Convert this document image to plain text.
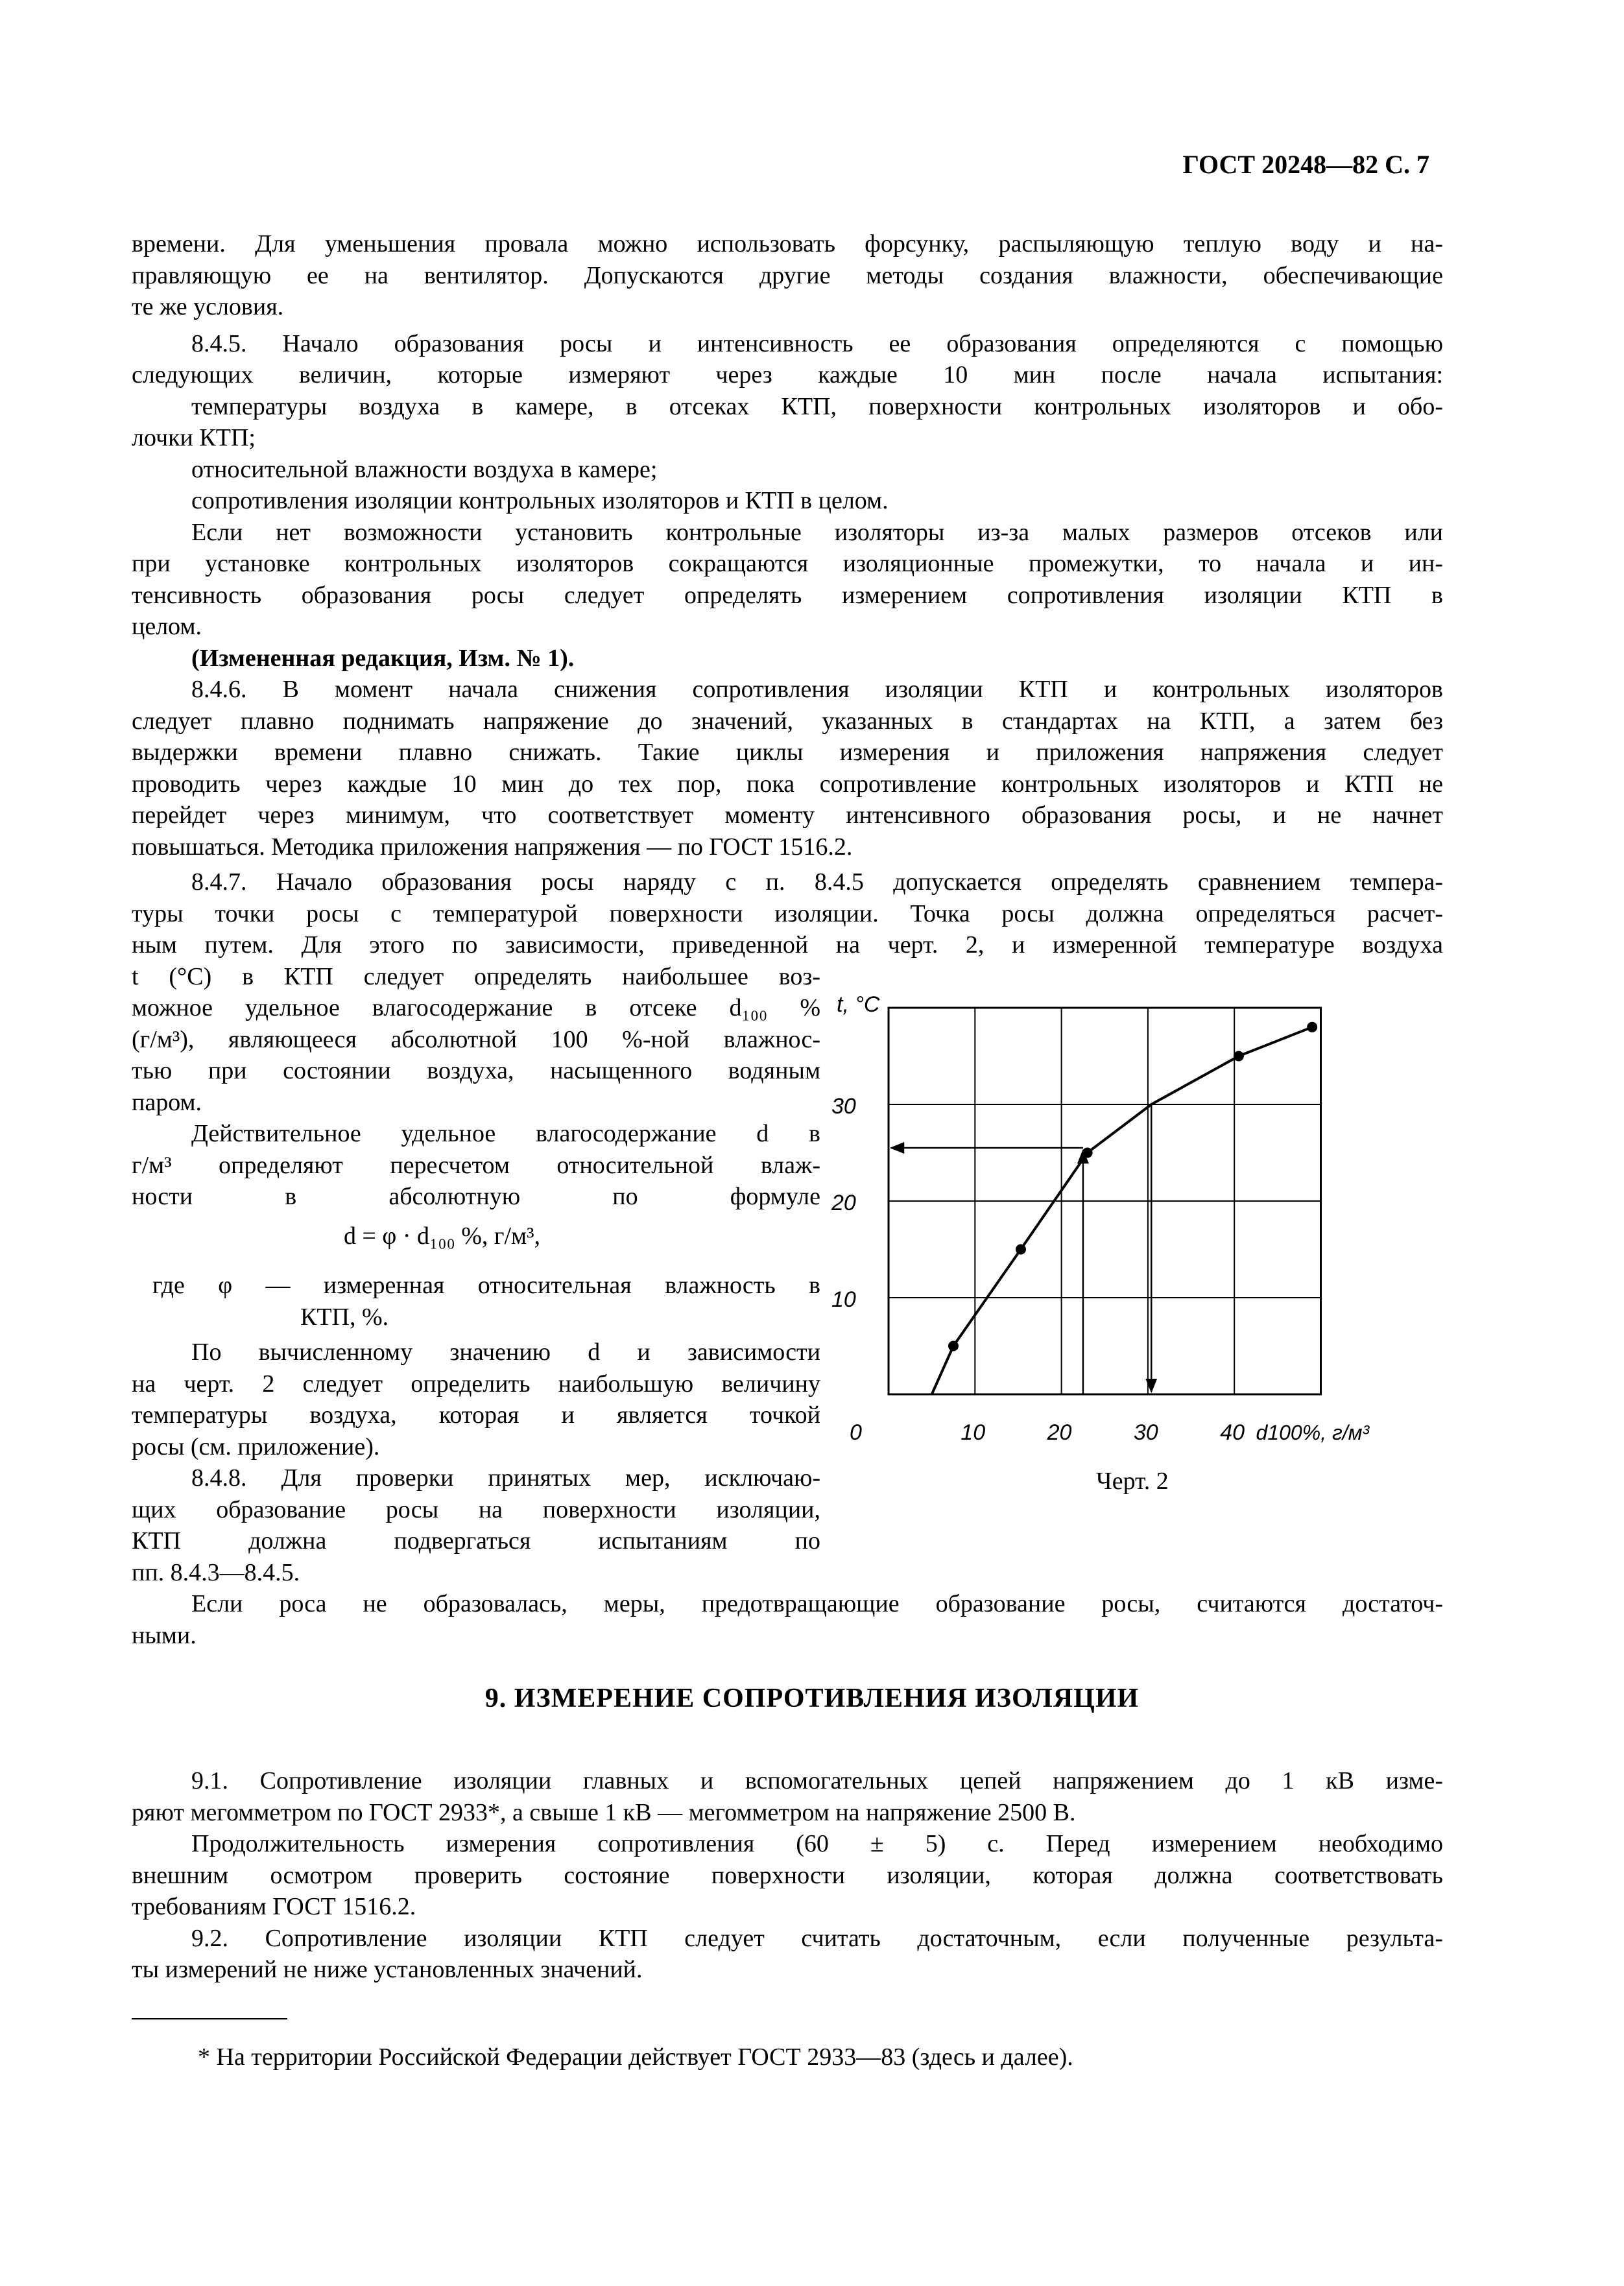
ГОСТ 20248—82 С. 7
времени. Для уменьшения провала можно использовать форсунку, распыляющую теплую воду и на-
правляющую ее на вентилятор. Допускаются другие методы создания влажности, обеспечивающие
те же условия.
8.4.5. Начало образования росы и интенсивность ее образования определяются с помощью
следующих величин, которые измеряют через каждые 10 мин после начала испытания:
температуры воздуха в камере, в отсеках КТП, поверхности контрольных изоляторов и обо-
лочки КТП;
относительной влажности воздуха в камере;
сопротивления изоляции контрольных изоляторов и КТП в целом.
Если нет возможности установить контрольные изоляторы из-за малых размеров отсеков или
при установке контрольных изоляторов сокращаются изоляционные промежутки, то начала и ин-
тенсивность образования росы следует определять измерением сопротивления изоляции КТП в
целом.
(Измененная редакция, Изм. № 1).
8.4.6. В момент начала снижения сопротивления изоляции КТП и контрольных изоляторов
следует плавно поднимать напряжение до значений, указанных в стандартах на КТП, а затем без
выдержки времени плавно снижать. Такие циклы измерения и приложения напряжения следует
проводить через каждые 10 мин до тех пор, пока сопротивление контрольных изоляторов и КТП не
перейдет через минимум, что соответствует моменту интенсивного образования росы, и не начнет
повышаться. Методика приложения напряжения — по ГОСТ 1516.2.
8.4.7. Начало образования росы наряду с п. 8.4.5 допускается определять сравнением темпера-
туры точки росы с температурой поверхности изоляции. Точка росы должна определяться расчет-
ным путем. Для этого по зависимости, приведенной на черт. 2, и измеренной температуре воздуха
t (°C) в КТП следует определять наибольшее воз-
можное удельное влагосодержание в отсеке d₁₀₀ %
(г/м³), являющееся абсолютной 100 %-ной влажнос-
тью при состоянии воздуха, насыщенного водяным
паром.
Действительное удельное влагосодержание d в
г/м³ определяют пересчетом относительной влаж-
ности в абсолютную по формуле
d = φ · d₁₀₀ %, г/м³,
где φ — измеренная относительная влажность в
КТП, %.
По вычисленному значению d и зависимости
на черт. 2 следует определить наибольшую величину
температуры воздуха, которая и является точкой
росы (см. приложение).
8.4.8. Для проверки принятых мер, исключаю-
щих образование росы на поверхности изоляции,
КТП должна подвергаться испытаниям по
пп. 8.4.3—8.4.5.
Если роса не образовалась, меры, предотвращающие образование росы, считаются достаточ-
ными.
9.1. Сопротивление изоляции главных и вспомогательных цепей напряжением до 1 кВ изме-
ряют мегомметром по ГОСТ 2933*, а свыше 1 кВ — мегомметром на напряжение 2500 В.
Продолжительность измерения сопротивления (60 ± 5) с. Перед измерением необходимо
внешним осмотром проверить состояние поверхности изоляции, которая должна соответствовать
требованиям ГОСТ 1516.2.
9.2. Сопротивление изоляции КТП следует считать достаточным, если полученные результа-
ты измерений не ниже установленных значений.
0	10	20	30	40
10
20
30
t, °C
d100%, г/м³
Черт. 2
9. ИЗМЕРЕНИЕ СОПРОТИВЛЕНИЯ ИЗОЛЯЦИИ
* На территории Российской Федерации действует ГОСТ 2933—83 (здесь и далее).
